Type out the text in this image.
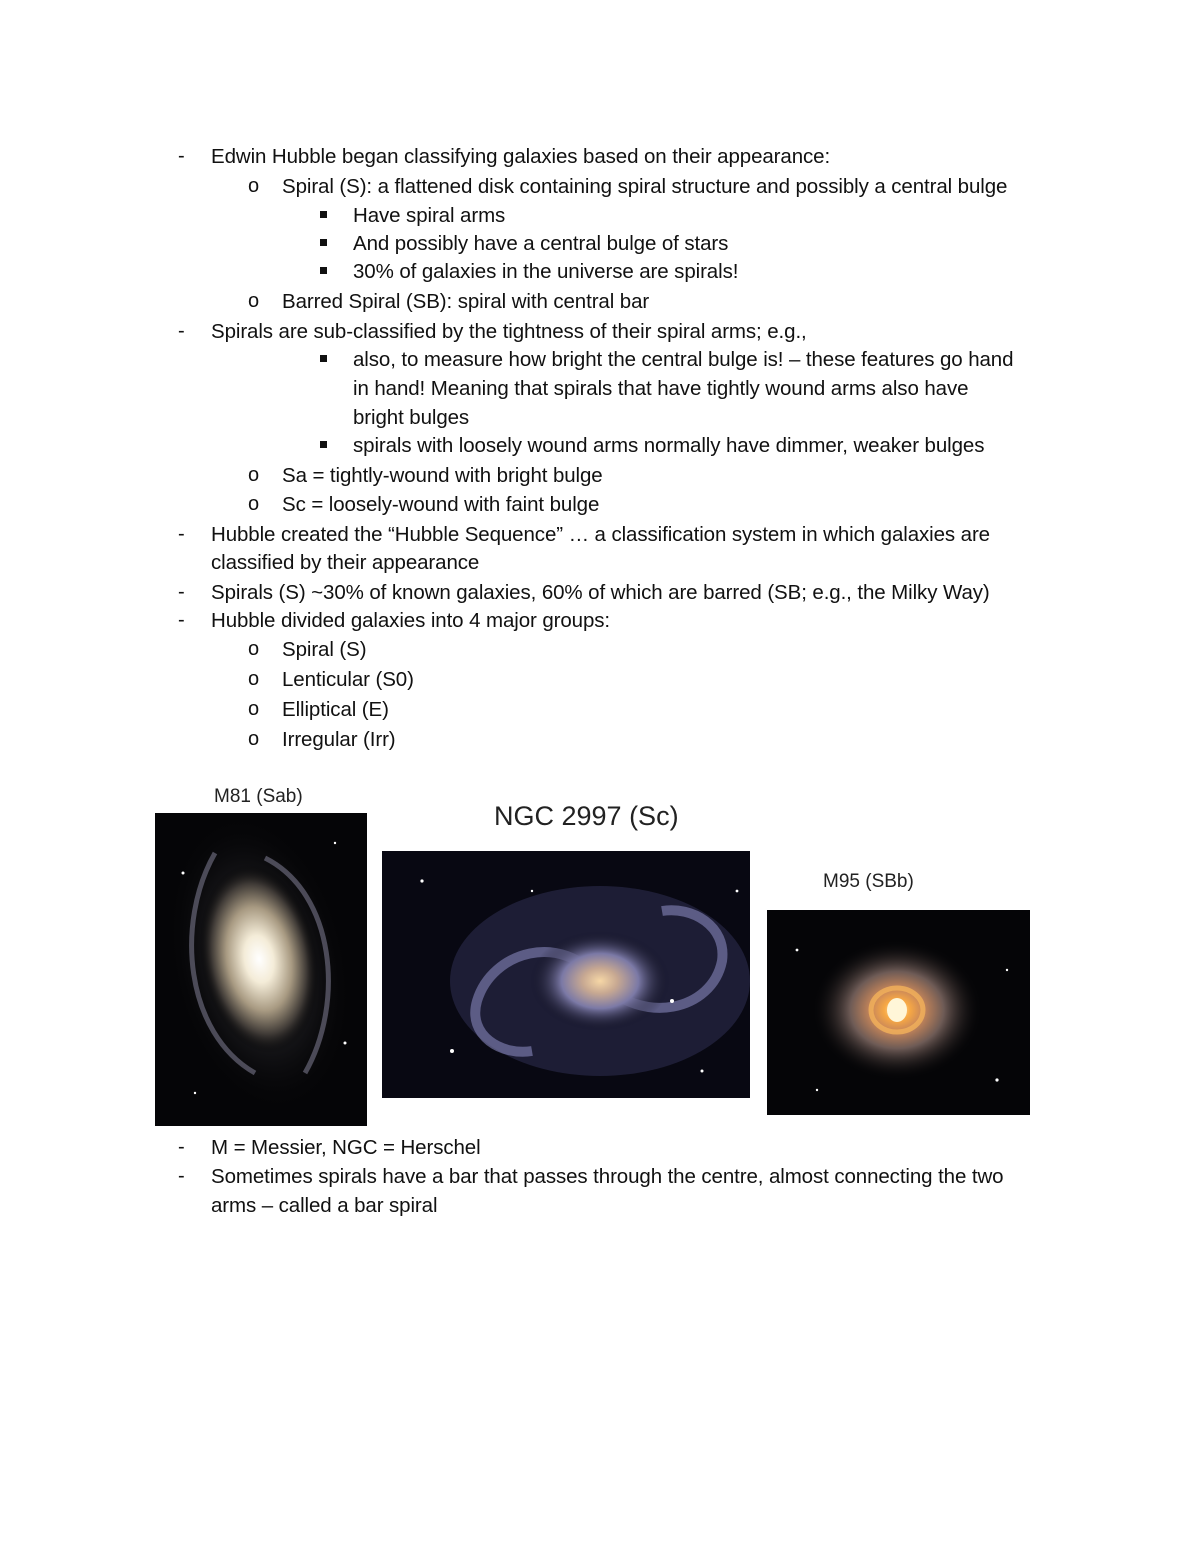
- Edwin Hubble began classifying galaxies based on their appearance:
o Spiral (S): a flattened disk containing spiral structure and possibly a central bulge
Have spiral arms
And possibly have a central bulge of stars
30% of galaxies in the universe are spirals!
o Barred Spiral (SB): spiral with central bar
- Spirals are sub-classified by the tightness of their spiral arms; e.g.,
also, to measure how bright the central bulge is! – these features go hand
in hand! Meaning that spirals that have tightly wound arms also have
bright bulges
spirals with loosely wound arms normally have dimmer, weaker bulges
o Sa = tightly-wound with bright bulge
o Sc = loosely-wound with faint bulge
- Hubble created the “Hubble Sequence” … a classification system in which galaxies are
classified by their appearance
- Spirals (S) ~30% of known galaxies, 60% of which are barred (SB; e.g., the Milky Way)
- Hubble divided galaxies into 4 major groups:
o Spiral (S)
o Lenticular (S0)
o Elliptical (E)
o Irregular (Irr)
M81 (Sab)
NGC 2997 (Sc)
M95 (SBb)
- M = Messier, NGC = Herschel
- Sometimes spirals have a bar that passes through the centre, almost connecting the two
arms – called a bar spiral
